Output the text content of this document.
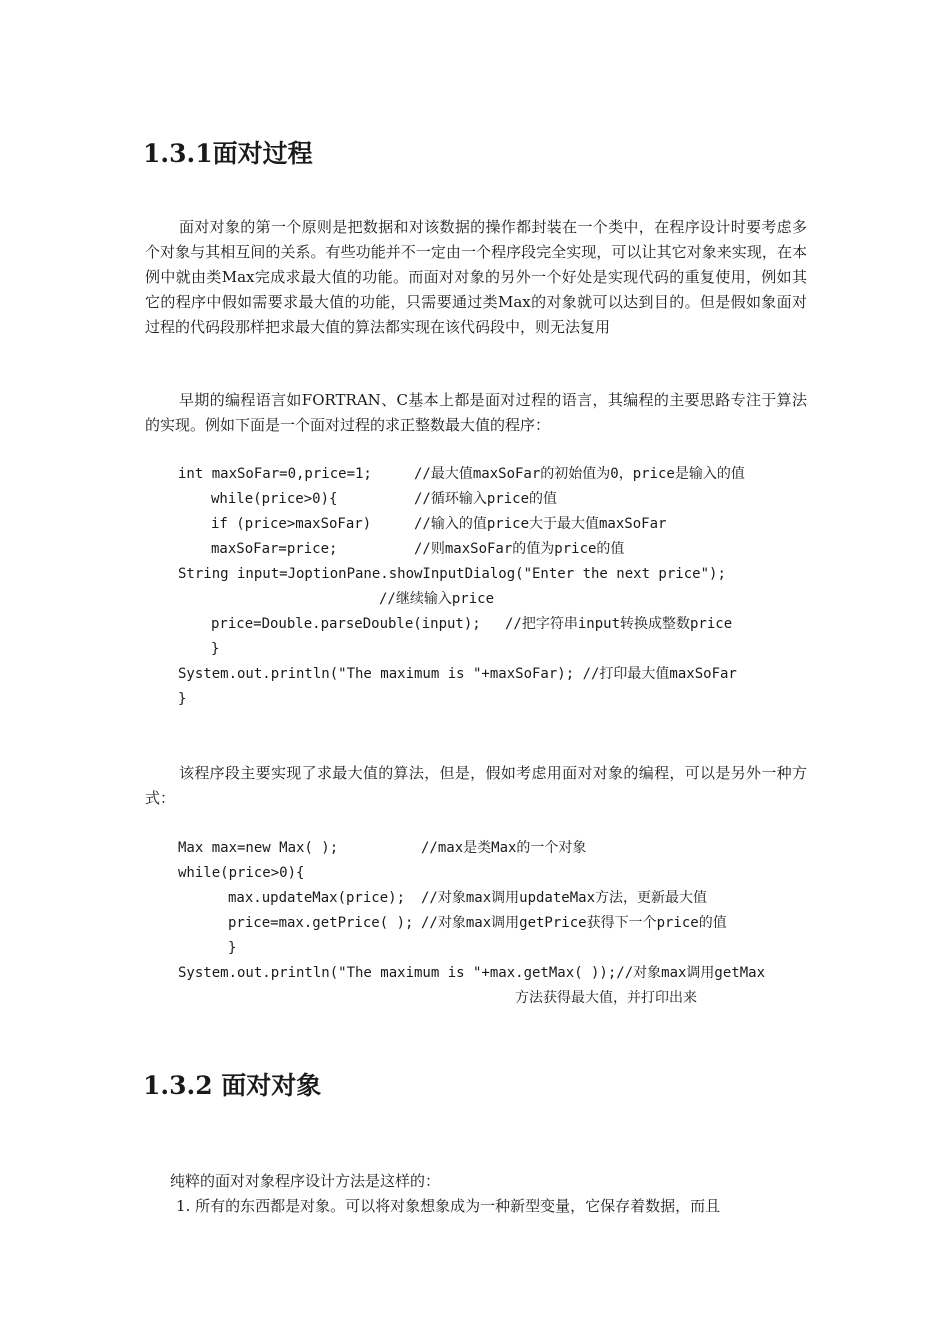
1.3.1面对过程

面对对象的第一个原则是把数据和对该数据的操作都封装在一个类中，在程序设计时要考虑多个对象与其相互间的关系。有些功能并不一定由一个程序段完全实现，可以让其它对象来实现，在本例中就由类Max完成求最大值的功能。而面对对象的另外一个好处是实现代码的重复使用，例如其它的程序中假如需要求最大值的功能，只需要通过类Max的对象就可以达到目的。但是假如象面对过程的代码段那样把求最大值的算法都实现在该代码段中，则无法复用

早期的编程语言如FORTRAN、C基本上都是面对过程的语言，其编程的主要思路专注于算法的实现。例如下面是一个面对过程的求正整数最大值的程序：

int maxSoFar=0,price=1;	//最大值maxSoFar的初始值为0，price是输入的值
while(price>0){	//循环输入price的值
if (price>maxSoFar)	//输入的值price大于最大值maxSoFar
maxSoFar=price;	//则maxSoFar的值为price的值
String input=JoptionPane.showInputDialog("Enter the next price");
//继续输入price
price=Double.parseDouble(input); //把字符串input转换成整数price
}
System.out.println("The maximum is "+maxSoFar); //打印最大值maxSoFar
}

该程序段主要实现了求最大值的算法，但是，假如考虑用面对对象的编程，可以是另外一种方式：

Max max=new Max( );	//max是类Max的一个对象
while(price>0){
max.updateMax(price); //对象max调用updateMax方法，更新最大值
price=max.getPrice( ); //对象max调用getPrice获得下一个price的值
}
System.out.println("The maximum is "+max.getMax( ));//对象max调用getMax
方法获得最大值，并打印出来
1.3.2 面对对象

纯粹的面对对象程序设计方法是这样的：

1. 所有的东西都是对象。可以将对象想象成为一种新型变量，它保存着数据，而且
